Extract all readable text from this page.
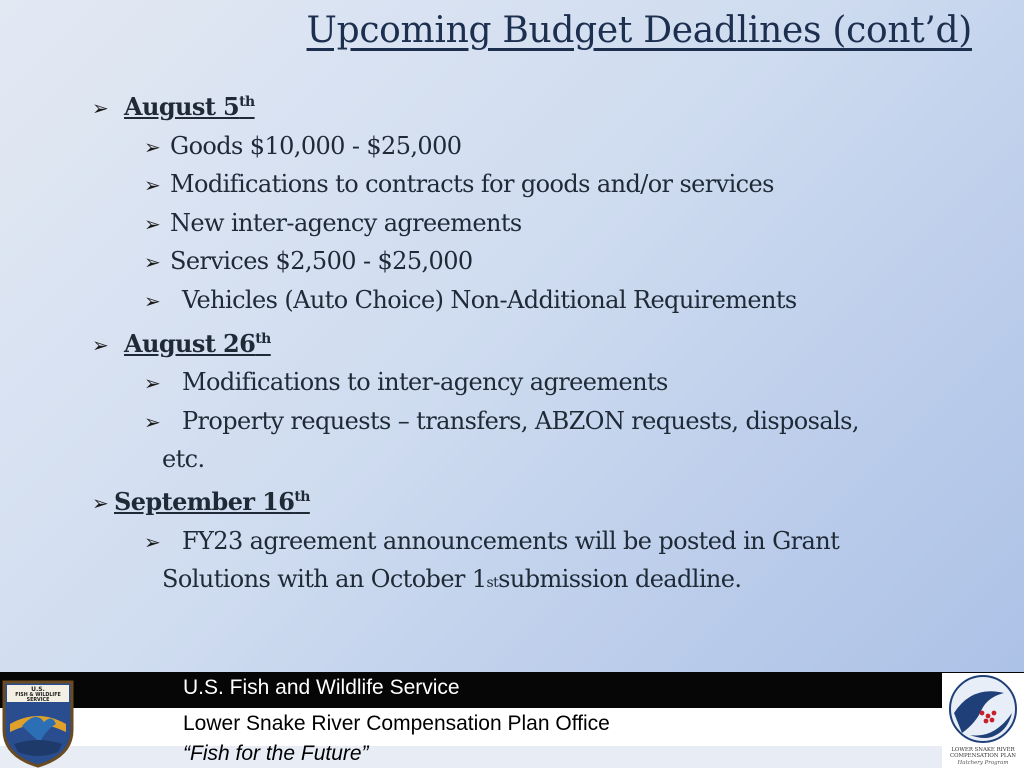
Upcoming Budget Deadlines (cont’d)
➢ August 5th
➢ Goods $10,000 - $25,000
➢ Modifications to contracts for goods and/or services
➢ New inter-agency agreements
➢ Services $2,500 - $25,000
➢ Vehicles (Auto Choice) Non-Additional Requirements
➢ August 26th
➢ Modifications to inter-agency agreements
➢ Property requests – transfers, ABZON requests, disposals,
etc.
➢ September 16th
➢ FY23 agreement announcements will be posted in Grant
Solutions with an October 1 st submission deadline.
U.S. Fish and Wildlife Service
Lower Snake River Compensation Plan Office
“Fish for the Future”
U.S.
FISH & WILDLIFE
SERVICE
LOWER SNAKE RIVER
COMPENSATION PLAN
Hatchery Program
